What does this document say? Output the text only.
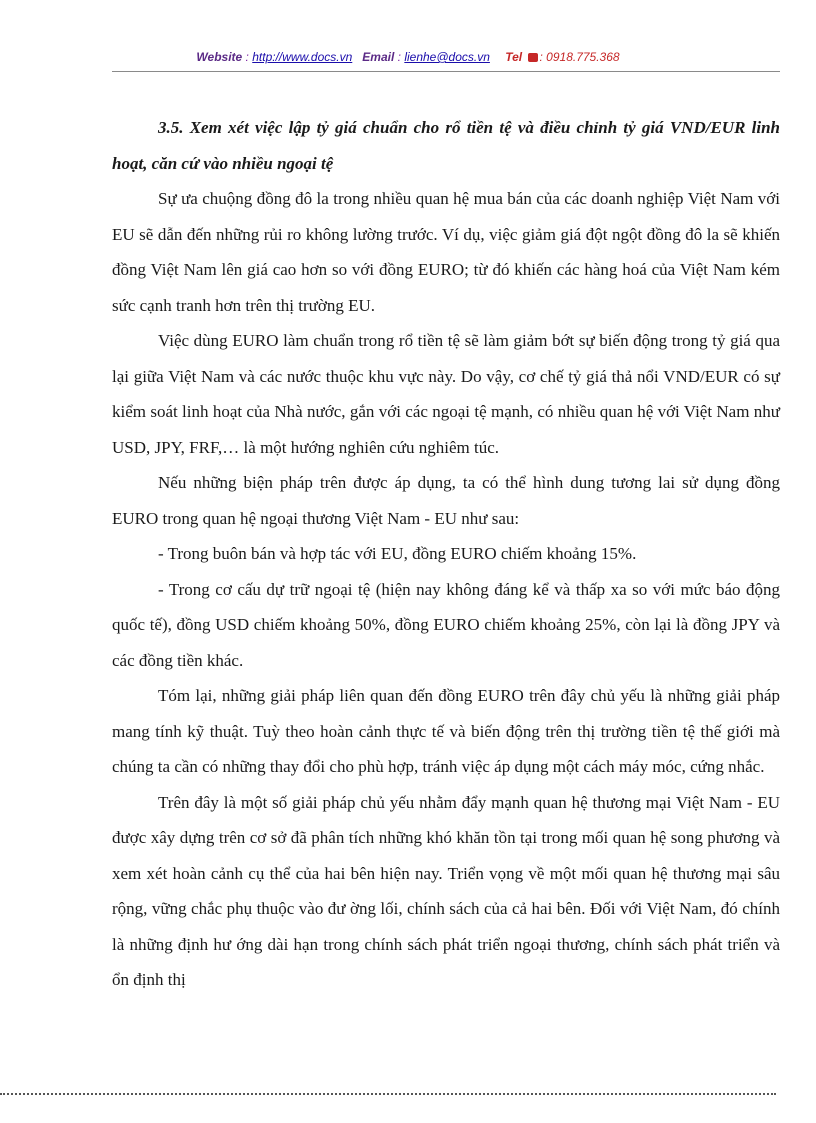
Website : http://www.docs.vn Email : lienhe@docs.vn Tel : 0918.775.368

3.5. Xem xét việc lập tỷ giá chuẩn cho rổ tiền tệ và điều chỉnh tỷ giá VND/EUR linh hoạt, căn cứ vào nhiều ngoại tệ

Sự ưa chuộng đồng đô la trong nhiều quan hệ mua bán của các doanh nghiệp Việt Nam với EU sẽ dẫn đến những rủi ro không lường trước. Ví dụ, việc giảm giá đột ngột đồng đô la sẽ khiến đồng Việt Nam lên giá cao hơn so với đồng EURO; từ đó khiến các hàng hoá của Việt Nam kém sức cạnh tranh hơn trên thị trường EU.

Việc dùng EURO làm chuẩn trong rổ tiền tệ sẽ làm giảm bớt sự biến động trong tỷ giá qua lại giữa Việt Nam và các nước thuộc khu vực này. Do vậy, cơ chế tỷ giá thả nổi VND/EUR có sự kiểm soát linh hoạt của Nhà nước, gắn với các ngoại tệ mạnh, có nhiều quan hệ với Việt Nam như USD, JPY, FRF,… là một hướng nghiên cứu nghiêm túc.

Nếu những biện pháp trên được áp dụng, ta có thể hình dung tương lai sử dụng đồng EURO trong quan hệ ngoại thương Việt Nam - EU như sau:

- Trong buôn bán và hợp tác với EU, đồng EURO chiếm khoảng 15%.

- Trong cơ cấu dự trữ ngoại tệ (hiện nay không đáng kể và thấp xa so với mức báo động quốc tế), đồng USD chiếm khoảng 50%, đồng EURO chiếm khoảng 25%, còn lại là đồng JPY và các đồng tiền khác.

Tóm lại, những giải pháp liên quan đến đồng EURO trên đây chủ yếu là những giải pháp mang tính kỹ thuật. Tuỳ theo hoàn cảnh thực tế và biến động trên thị trường tiền tệ thế giới mà chúng ta cần có những thay đổi cho phù hợp, tránh việc áp dụng một cách máy móc, cứng nhắc.

Trên đây là một số giải pháp chủ yếu nhằm đẩy mạnh quan hệ thương mại Việt Nam - EU được xây dựng trên cơ sở đã phân tích những khó khăn tồn tại trong mối quan hệ song phương và xem xét hoàn cảnh cụ thể của hai bên hiện nay. Triển vọng về một mối quan hệ thương mại sâu rộng, vững chắc phụ thuộc vào đư ờng lối, chính sách của cả hai bên. Đối với Việt Nam, đó chính là những định hư ớng dài hạn trong chính sách phát triển ngoại thương, chính sách phát triển và ổn định thị
